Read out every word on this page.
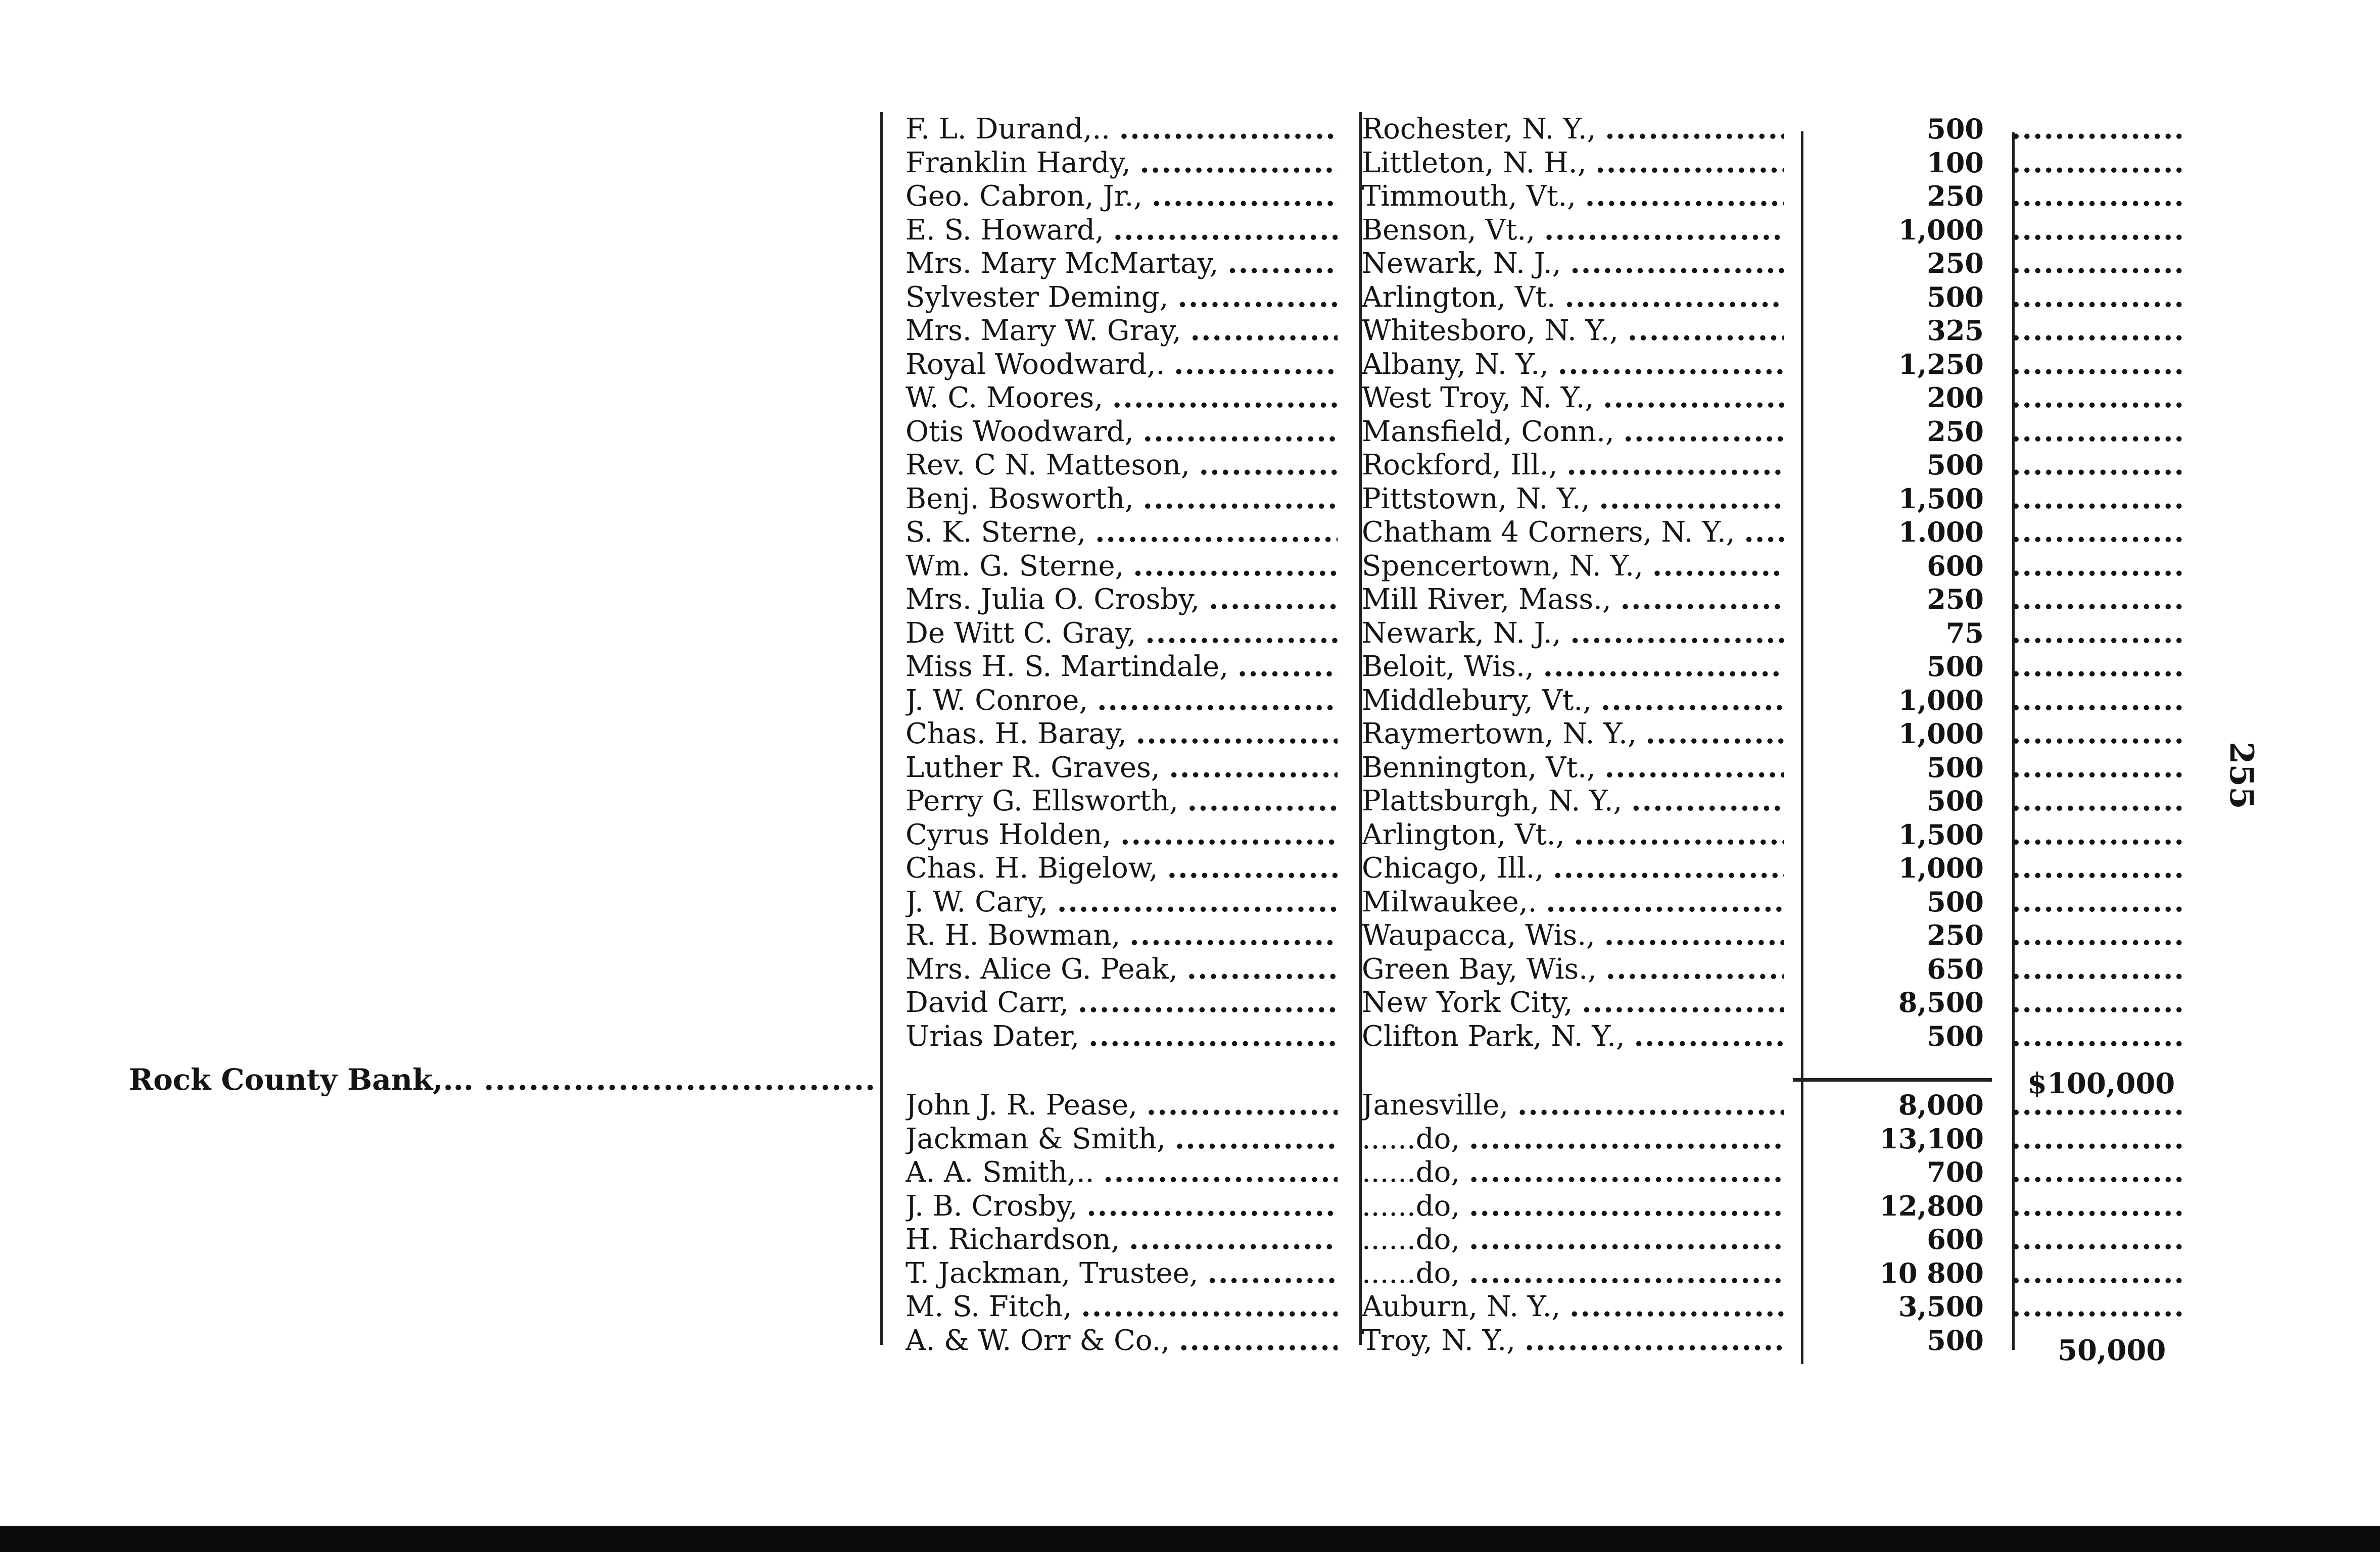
255
Rock County Bank,... .....
F. L. Durand,.. .....	Rochester, N. Y., .....	500
.....
Franklin Hardy, .....	Littleton, N. H., .....	100
.....
Geo. Cabron, Jr., .....	Timmouth, Vt., .....	250
.....
E. S. Howard, .....	Benson, Vt., .....	1,000
.....
Mrs. Mary McMartay, .....	Newark, N. J., .....	250
.....
Sylvester Deming, .....	Arlington, Vt. .....	500
.....
Mrs. Mary W. Gray, .....	Whitesboro, N. Y., .....	325
.....
Royal Woodward,. .....	Albany, N. Y., .....	1,250
.....
W. C. Moores, .....	West Troy, N. Y., .....	200
.....
Otis Woodward, .....	Mansfield, Conn., .....	250
.....
Rev. C N. Matteson, .....	Rockford, Ill., .....	500
.....
Benj. Bosworth, .....	Pittstown, N. Y., .....	1,500
.....
S. K. Sterne, .....	Chatham 4 Corners, N. Y., .....	1.000
.....
Wm. G. Sterne, .....	Spencertown, N. Y., .....	600
.....
Mrs. Julia O. Crosby, .....	Mill River, Mass., .....	250
.....
De Witt C. Gray, .....	Newark, N. J., .....	75
.....
Miss H. S. Martindale, .....	Beloit, Wis., .....	500
.....
J. W. Conroe, .....	Middlebury, Vt., .....	1,000
.....
Chas. H. Baray, .....	Raymertown, N. Y., .....	1,000
.....
Luther R. Graves, .....	Bennington, Vt., .....	500
.....
Perry G. Ellsworth, .....	Plattsburgh, N. Y., .....	500
.....
Cyrus Holden, .....	Arlington, Vt., .....	1,500
.....
Chas. H. Bigelow, .....	Chicago, Ill., .....	1,000
.....
J. W. Cary, .....	Milwaukee,. .....	500
.....
R. H. Bowman, .....	Waupacca, Wis., .....	250
.....
Mrs. Alice G. Peak, .....	Green Bay, Wis., .....	650
.....
David Carr, .....	New York City, .....	8,500
.....
Urias Dater, .....	Clifton Park, N. Y., .....	500
.....
John J. R. Pease, .....	Janesville, .....	8,000
.....
Jackman & Smith, .....	......do, .....	13,100
.....
A. A. Smith,.. .....	......do, .....	700
.....
J. B. Crosby, .....	......do, .....	12,800
.....
H. Richardson, .....	......do, .....	600
.....
T. Jackman, Trustee, .....	......do, .....	10 800
.....
M. S. Fitch, .....	Auburn, N. Y., .....	3,500
.....
A. & W. Orr & Co., .....	Troy, N. Y., .....	500
$100,000
50,000
